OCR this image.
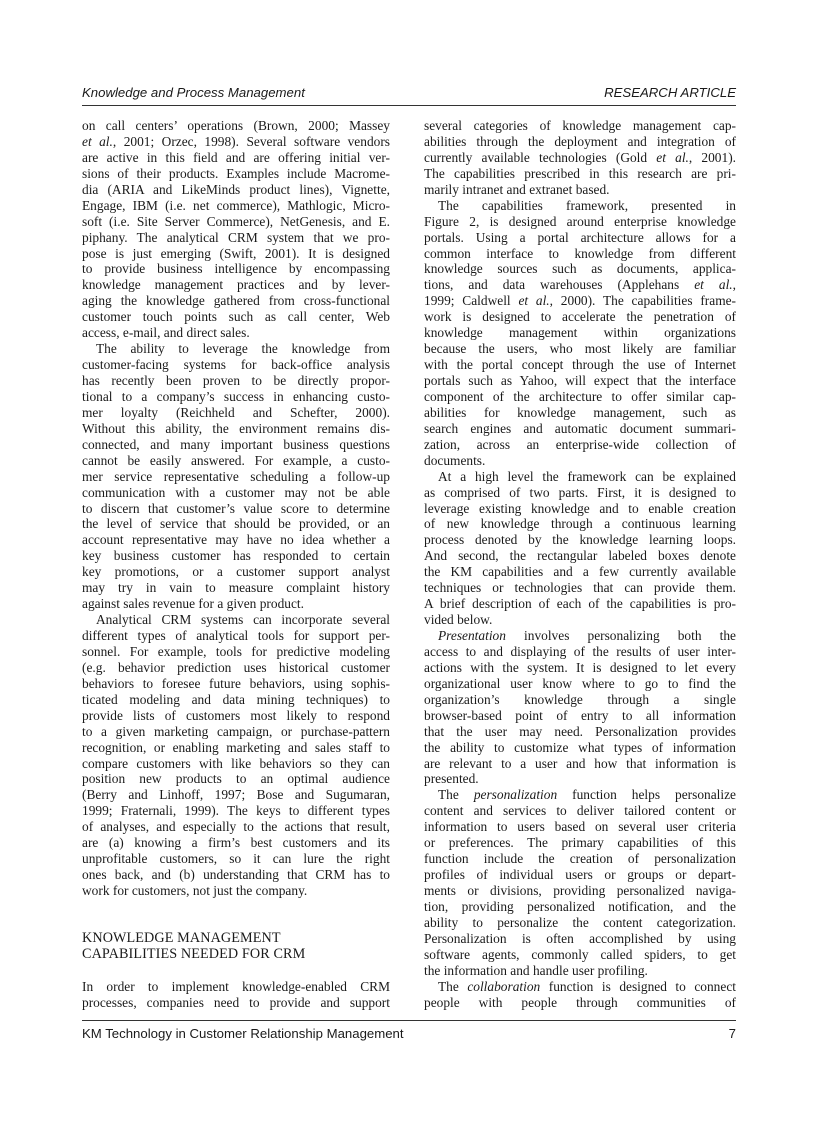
Knowledge and Process Management	RESEARCH ARTICLE
on call centers’ operations (Brown, 2000; Massey
et al., 2001; Orzec, 1998). Several software vendors
are active in this field and are offering initial ver-
sions of their products. Examples include Macrome-
dia (ARIA and LikeMinds product lines), Vignette,
Engage, IBM (i.e. net commerce), Mathlogic, Micro-
soft (i.e. Site Server Commerce), NetGenesis, and E.
piphany. The analytical CRM system that we pro-
pose is just emerging (Swift, 2001). It is designed
to provide business intelligence by encompassing
knowledge management practices and by lever-
aging the knowledge gathered from cross-functional
customer touch points such as call center, Web
access, e-mail, and direct sales.
The ability to leverage the knowledge from
customer-facing systems for back-office analysis
has recently been proven to be directly propor-
tional to a company’s success in enhancing custo-
mer loyalty (Reichheld and Schefter, 2000).
Without this ability, the environment remains dis-
connected, and many important business questions
cannot be easily answered. For example, a custo-
mer service representative scheduling a follow-up
communication with a customer may not be able
to discern that customer’s value score to determine
the level of service that should be provided, or an
account representative may have no idea whether a
key business customer has responded to certain
key promotions, or a customer support analyst
may try in vain to measure complaint history
against sales revenue for a given product.
Analytical CRM systems can incorporate several
different types of analytical tools for support per-
sonnel. For example, tools for predictive modeling
(e.g. behavior prediction uses historical customer
behaviors to foresee future behaviors, using sophis-
ticated modeling and data mining techniques) to
provide lists of customers most likely to respond
to a given marketing campaign, or purchase-pattern
recognition, or enabling marketing and sales staff to
compare customers with like behaviors so they can
position new products to an optimal audience
(Berry and Linhoff, 1997; Bose and Sugumaran,
1999; Fraternali, 1999). The keys to different types
of analyses, and especially to the actions that result,
are (a) knowing a firm’s best customers and its
unprofitable customers, so it can lure the right
ones back, and (b) understanding that CRM has to
work for customers, not just the company.
KNOWLEDGE MANAGEMENT
CAPABILITIES NEEDED FOR CRM
In order to implement knowledge-enabled CRM
processes, companies need to provide and support
several categories of knowledge management cap-
abilities through the deployment and integration of
currently available technologies (Gold et al., 2001).
The capabilities prescribed in this research are pri-
marily intranet and extranet based.
The capabilities framework, presented in
Figure 2, is designed around enterprise knowledge
portals. Using a portal architecture allows for a
common interface to knowledge from different
knowledge sources such as documents, applica-
tions, and data warehouses (Applehans et al.,
1999; Caldwell et al., 2000). The capabilities frame-
work is designed to accelerate the penetration of
knowledge management within organizations
because the users, who most likely are familiar
with the portal concept through the use of Internet
portals such as Yahoo, will expect that the interface
component of the architecture to offer similar cap-
abilities for knowledge management, such as
search engines and automatic document summari-
zation, across an enterprise-wide collection of
documents.
At a high level the framework can be explained
as comprised of two parts. First, it is designed to
leverage existing knowledge and to enable creation
of new knowledge through a continuous learning
process denoted by the knowledge learning loops.
And second, the rectangular labeled boxes denote
the KM capabilities and a few currently available
techniques or technologies that can provide them.
A brief description of each of the capabilities is pro-
vided below.
Presentation involves personalizing both the
access to and displaying of the results of user inter-
actions with the system. It is designed to let every
organizational user know where to go to find the
organization’s knowledge through a single
browser-based point of entry to all information
that the user may need. Personalization provides
the ability to customize what types of information
are relevant to a user and how that information is
presented.
The personalization function helps personalize
content and services to deliver tailored content or
information to users based on several user criteria
or preferences. The primary capabilities of this
function include the creation of personalization
profiles of individual users or groups or depart-
ments or divisions, providing personalized naviga-
tion, providing personalized notification, and the
ability to personalize the content categorization.
Personalization is often accomplished by using
software agents, commonly called spiders, to get
the information and handle user profiling.
The collaboration function is designed to connect
people with people through communities of
KM Technology in Customer Relationship Management	7
